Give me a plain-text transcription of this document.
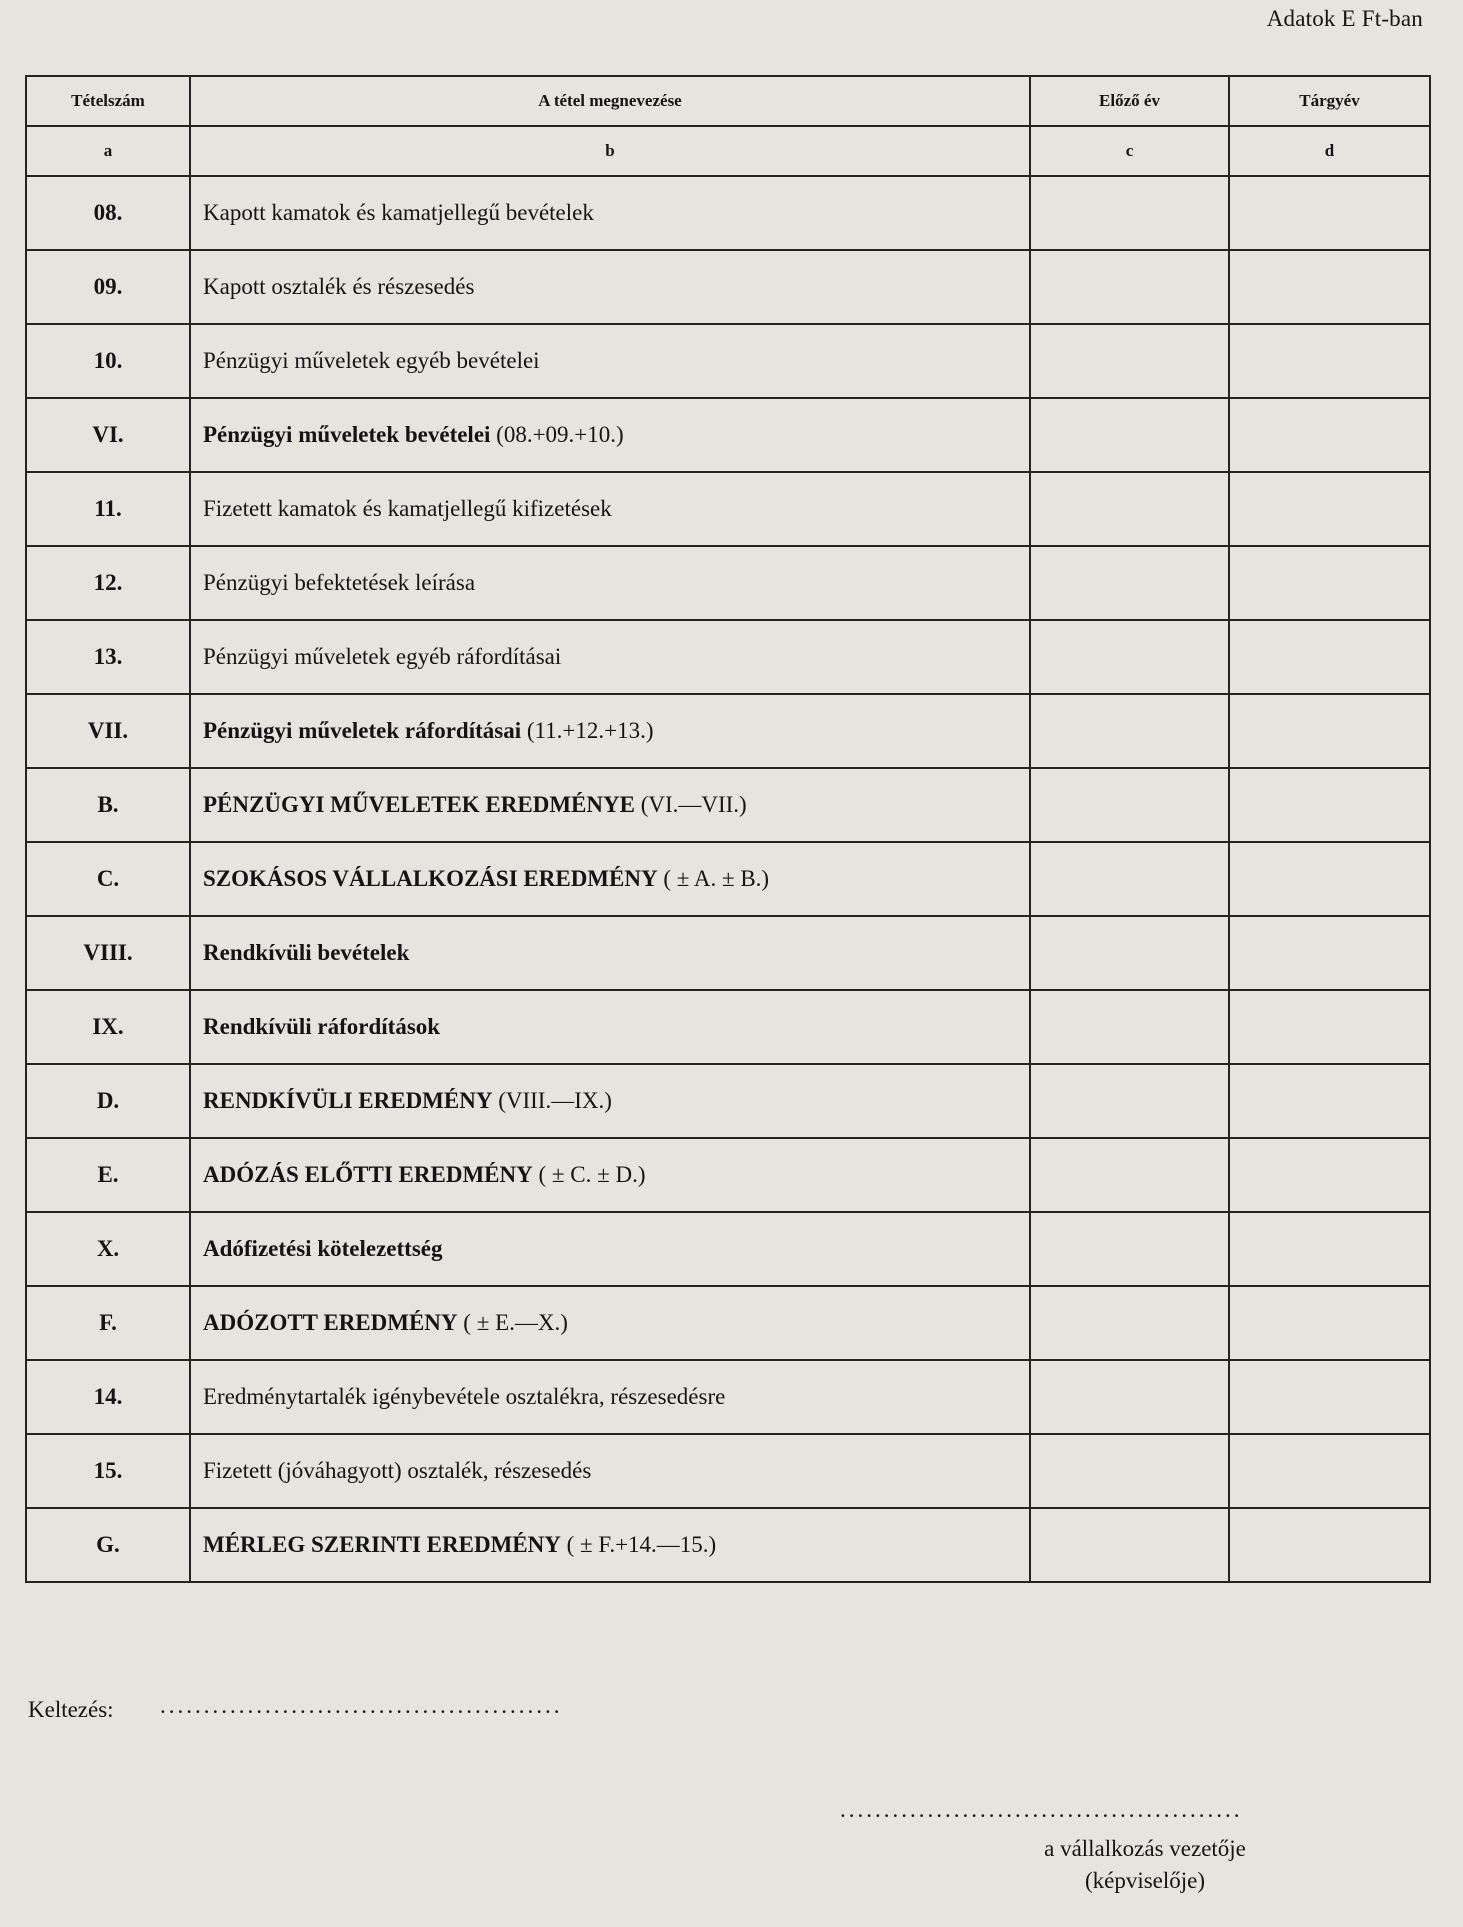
Adatok E Ft-ban
Tételszám	A tétel megnevezése	Előző év	Tárgyév
a	b	c	d
08.	Kapott kamatok és kamatjellegű bevételek		
09.	Kapott osztalék és részesedés		
10.	Pénzügyi műveletek egyéb bevételei		
VI.	Pénzügyi műveletek bevételei (08.+09.+10.)		
11.	Fizetett kamatok és kamatjellegű kifizetések		
12.	Pénzügyi befektetések leírása		
13.	Pénzügyi műveletek egyéb ráfordításai		
VII.	Pénzügyi műveletek ráfordításai (11.+12.+13.)		
B.	PÉNZÜGYI MŰVELETEK EREDMÉNYE (VI.—VII.)		
C.	SZOKÁSOS VÁLLALKOZÁSI EREDMÉNY ( ± A. ± B.)		
VIII.	Rendkívüli bevételek		
IX.	Rendkívüli ráfordítások		
D.	RENDKÍVÜLI EREDMÉNY (VIII.—IX.)		
E.	ADÓZÁS ELŐTTI EREDMÉNY ( ± C. ± D.)		
X.	Adófizetési kötelezettség		
F.	ADÓZOTT EREDMÉNY ( ± E.—X.)		
14.	Eredménytartalék igénybevétele osztalékra, részesedésre		
15.	Fizetett (jóváhagyott) osztalék, részesedés		
G.	MÉRLEG SZERINTI EREDMÉNY ( ± F.+14.—15.)		
Keltezés: ..............................................
..............................................
a vállalkozás vezetője
(képviselője)
